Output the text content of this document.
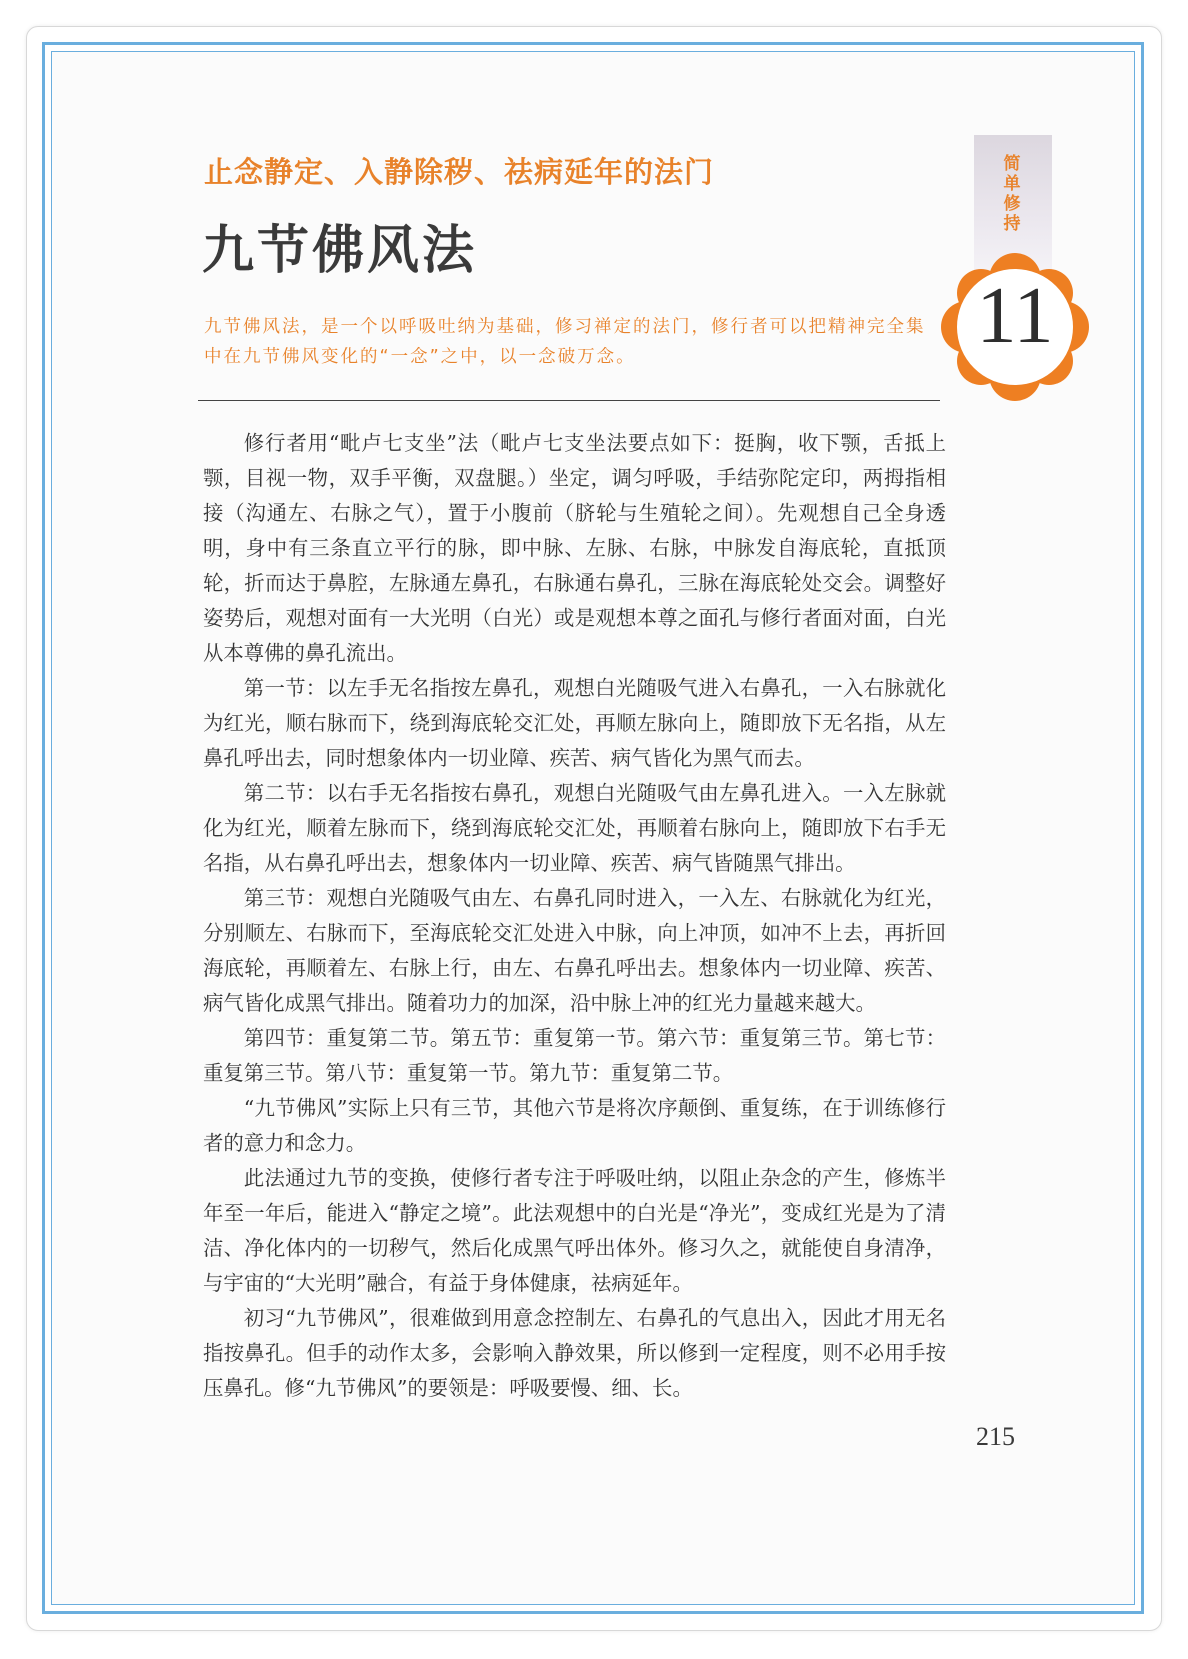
止念静定、入静除秽、祛病延年的法门
九节佛风法
简单修持
11
九节佛风法，是一个以呼吸吐纳为基础，修习禅定的法门，修行者可以把精神完全集中在九节佛风变化的“一念”之中，以一念破万念。

修行者用“毗卢七支坐”法（毗卢七支坐法要点如下：挺胸，收下颚，舌抵上颚，目视一物，双手平衡，双盘腿。）坐定，调匀呼吸，手结弥陀定印，两拇指相接（沟通左、右脉之气），置于小腹前（脐轮与生殖轮之间）。先观想自己全身透明，身中有三条直立平行的脉，即中脉、左脉、右脉，中脉发自海底轮，直抵顶轮，折而达于鼻腔，左脉通左鼻孔，右脉通右鼻孔，三脉在海底轮处交会。调整好姿势后，观想对面有一大光明（白光）或是观想本尊之面孔与修行者面对面，白光从本尊佛的鼻孔流出。

第一节：以左手无名指按左鼻孔，观想白光随吸气进入右鼻孔，一入右脉就化为红光，顺右脉而下，绕到海底轮交汇处，再顺左脉向上，随即放下无名指，从左鼻孔呼出去，同时想象体内一切业障、疾苦、病气皆化为黑气而去。

第二节：以右手无名指按右鼻孔，观想白光随吸气由左鼻孔进入。一入左脉就化为红光，顺着左脉而下，绕到海底轮交汇处，再顺着右脉向上，随即放下右手无名指，从右鼻孔呼出去，想象体内一切业障、疾苦、病气皆随黑气排出。

第三节：观想白光随吸气由左、右鼻孔同时进入，一入左、右脉就化为红光，分别顺左、右脉而下，至海底轮交汇处进入中脉，向上冲顶，如冲不上去，再折回海底轮，再顺着左、右脉上行，由左、右鼻孔呼出去。想象体内一切业障、疾苦、病气皆化成黑气排出。随着功力的加深，沿中脉上冲的红光力量越来越大。

第四节：重复第二节。第五节：重复第一节。第六节：重复第三节。第七节：重复第三节。第八节：重复第一节。第九节：重复第二节。

“九节佛风”实际上只有三节，其他六节是将次序颠倒、重复练，在于训练修行者的意力和念力。

此法通过九节的变换，使修行者专注于呼吸吐纳，以阻止杂念的产生，修炼半年至一年后，能进入“静定之境”。此法观想中的白光是“净光”，变成红光是为了清洁、净化体内的一切秽气，然后化成黑气呼出体外。修习久之，就能使自身清净，与宇宙的“大光明”融合，有益于身体健康，祛病延年。

初习“九节佛风”，很难做到用意念控制左、右鼻孔的气息出入，因此才用无名指按鼻孔。但手的动作太多，会影响入静效果，所以修到一定程度，则不必用手按压鼻孔。修“九节佛风”的要领是：呼吸要慢、细、长。

215
